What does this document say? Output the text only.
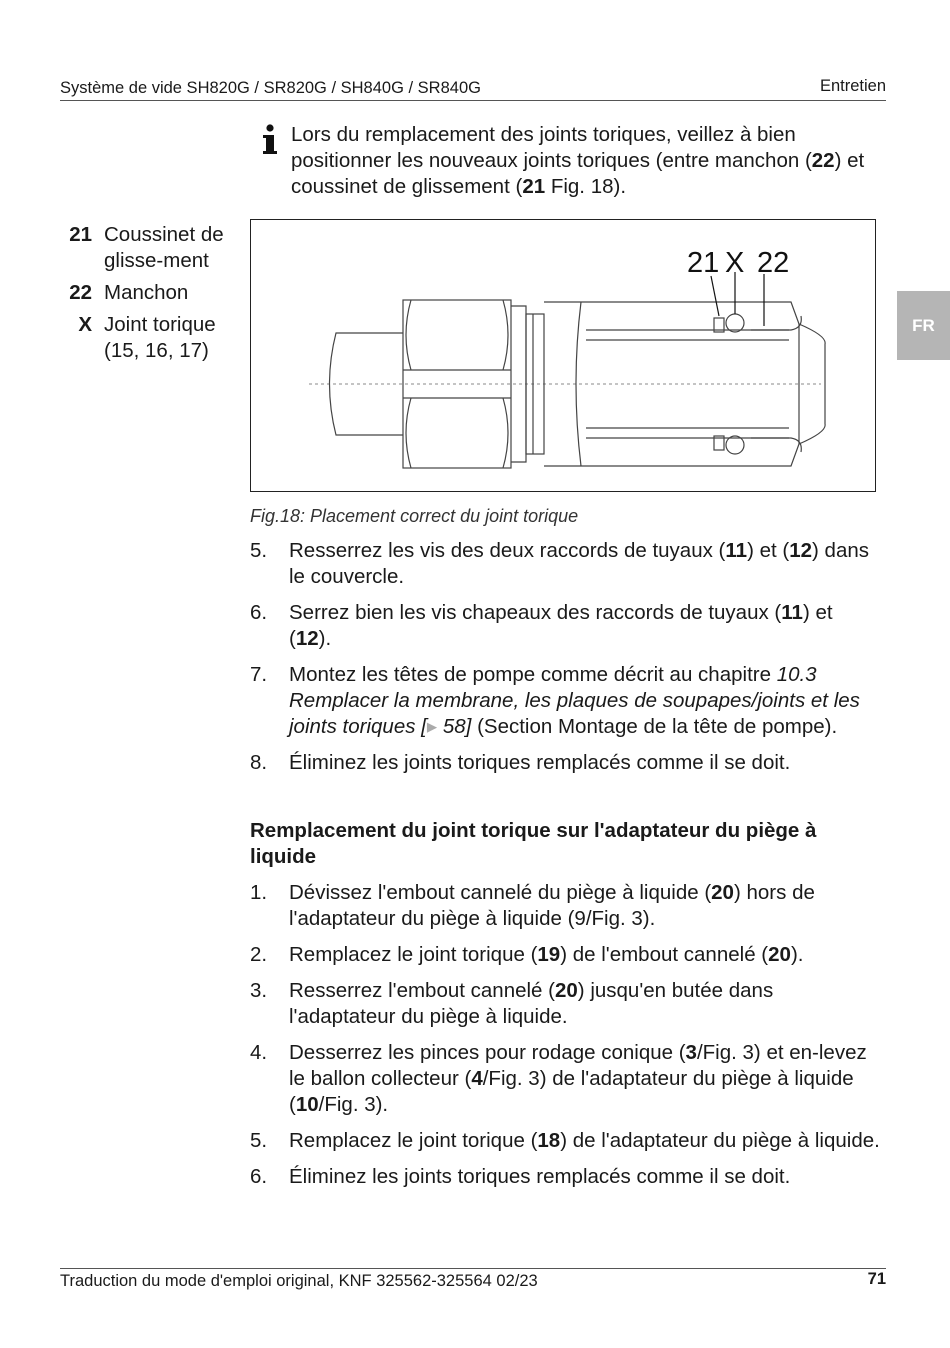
Système de vide SH820G / SR820G / SH840G / SR840G	Entretien
FR
Lors du remplacement des joints toriques, veillez à bien positionner les nouveaux joints toriques (entre manchon (22) et coussinet de glissement (21 Fig. 18).
21 Coussinet de glisse-ment
22 Manchon
X Joint torique (15, 16, 17)
21 X 22
Fig.18: Placement correct du joint torique
5.	Resserrez les vis des deux raccords de tuyaux (11) et (12) dans le couvercle.
6.	Serrez bien les vis chapeaux des raccords de tuyaux (11) et (12).
7.	Montez les têtes de pompe comme décrit au chapitre 10.3 Remplacer la membrane, les plaques de soupapes/joints et les joints toriques [▸ 58] (Section Montage de la tête de pompe).
8.	Éliminez les joints toriques remplacés comme il se doit.
Remplacement du joint torique sur l'adaptateur du piège à liquide
1.	Dévissez l'embout cannelé du piège à liquide (20) hors de l'adaptateur du piège à liquide (9/Fig. 3).
2.	Remplacez le joint torique (19) de l'embout cannelé (20).
3.	Resserrez l'embout cannelé (20) jusqu'en butée dans l'adaptateur du piège à liquide.
4.	Desserrez les pinces pour rodage conique (3/Fig. 3) et en-levez le ballon collecteur (4/Fig. 3) de l'adaptateur du piège à liquide (10/Fig. 3).
5.	Remplacez le joint torique (18) de l'adaptateur du piège à liquide.
6.	Éliminez les joints toriques remplacés comme il se doit.
Traduction du mode d'emploi original, KNF 325562-325564 02/23	71
